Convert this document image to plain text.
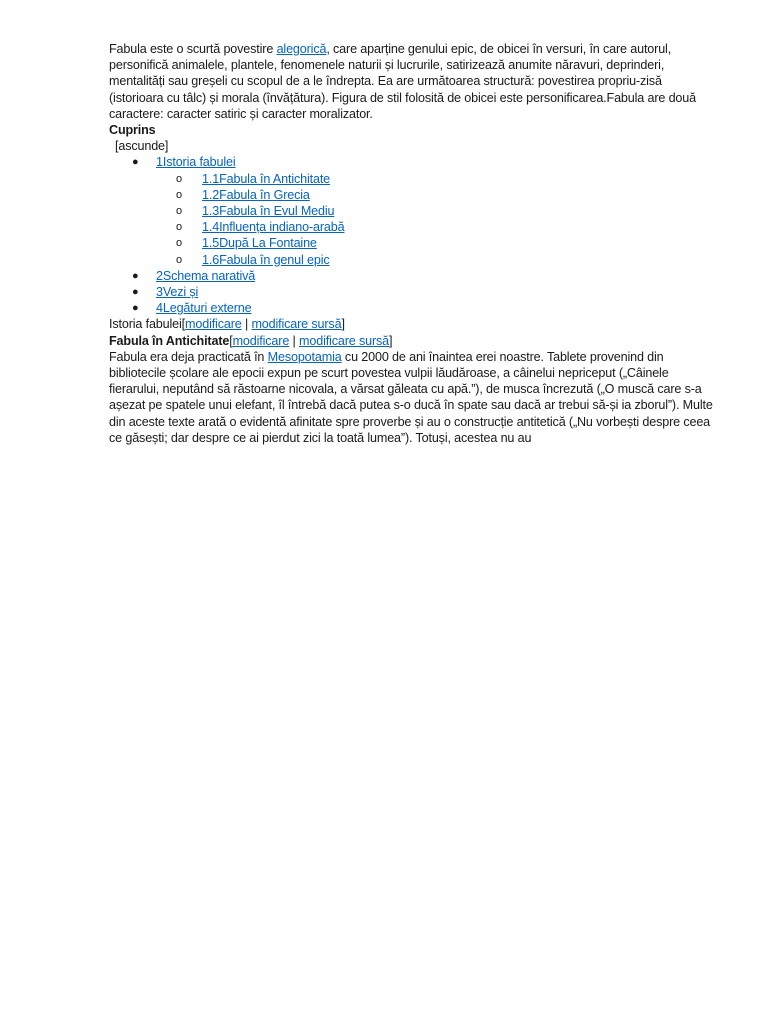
Fabula este o scurtă povestire alegorică, care aparține genului epic, de obicei în versuri, în care autorul, personifică animalele, plantele, fenomenele naturii și lucrurile, satirizează anumite năravuri, deprinderi, mentalități sau greșeli cu scopul de a le îndrepta. Ea are următoarea structură: povestirea propriu-zisă (istorioara cu tâlc) și morala (învățătura). Figura de stil folosită de obicei este personificarea.Fabula are două caractere: caracter satiric și caracter moralizator.

Cuprins
[ascunde]
● 1Istoria fabulei
o 1.1Fabula în Antichitate
o 1.2Fabula în Grecia
o 1.3Fabula în Evul Mediu
o 1.4Influența indiano-arabă
o 1.5După La Fontaine
o 1.6Fabula în genul epic
● 2Schema narativă
● 3Vezi și
● 4Legături externe
Istoria fabulei[modificare | modificare sursă]
Fabula în Antichitate[modificare | modificare sursă]

Fabula era deja practicată în Mesopotamia cu 2000 de ani înaintea erei noastre. Tablete provenind din bibliotecile școlare ale epocii expun pe scurt povestea vulpii lăudăroase, a câinelui nepriceput („Câinele fierarului, neputând să răstoarne nicovala, a vărsat găleata cu apă.”), de musca încrezută („O muscă care s-a așezat pe spatele unui elefant, îl întrebă dacă putea s-o ducă în spate sau dacă ar trebui să-și ia zborul”). Multe din aceste texte arată o evidentă afinitate spre proverbe și au o construcție antitetică („Nu vorbești despre ceea ce găsești; dar despre ce ai pierdut zici la toată lumea”). Totuși, acestea nu au
